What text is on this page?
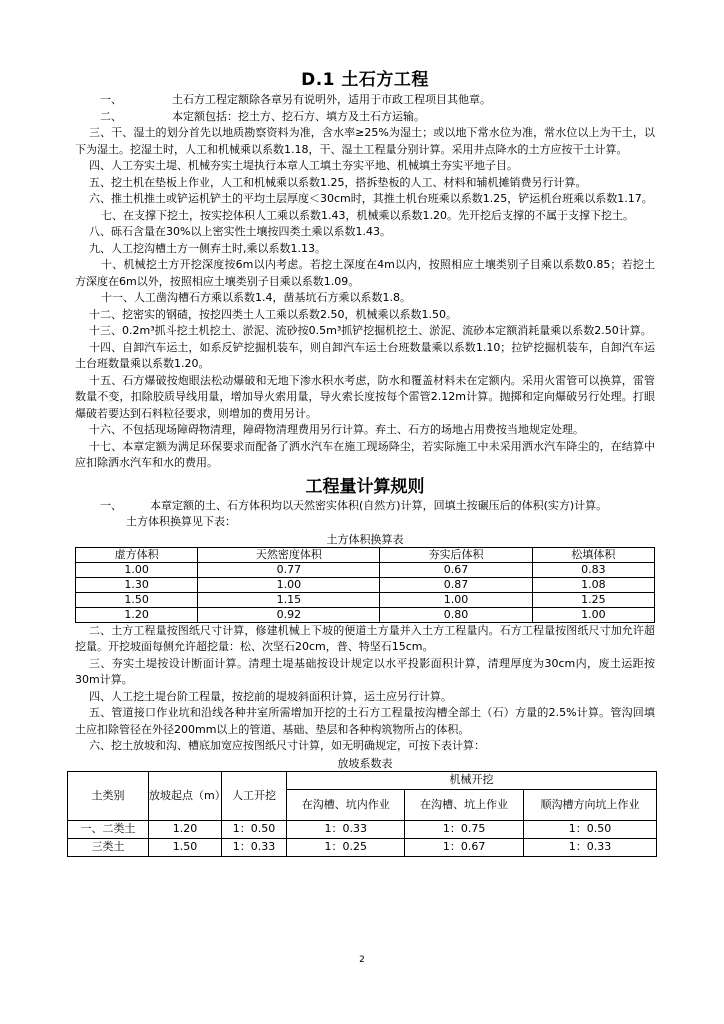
D.1 土石方工程

一、	土石方工程定额除各章另有说明外，适用于市政工程项目其他章。

二、	本定额包括：挖土方、挖石方、填方及土石方运输。

三、干、湿土的划分首先以地质勘察资料为准，含水率≥25%为湿土；或以地下常水位为准，常水位以上为干土，以下为湿土。挖湿土时，人工和机械乘以系数1.18，干、湿土工程量分别计算。采用井点降水的土方应按干土计算。

四、人工夯实土堤、机械夯实土堤执行本章人工填土夯实平地、机械填土夯实平地子目。

五、挖土机在垫板上作业，人工和机械乘以系数1.25，搭拆垫板的人工、材料和辅机摊销费另行计算。

六、推土机推土或铲运机铲土的平均土层厚度＜30cm时，其推土机台班乘以系数1.25，铲运机台班乘以系数1.17。

七、在支撑下挖土，按实挖体积人工乘以系数1.43，机械乘以系数1.20。先开挖后支撑的不属于支撑下挖土。

八、砾石含量在30%以上密实性土壤按四类土乘以系数1.43。

九、人工挖沟槽土方一侧弃土时,乘以系数1.13。

十、机械挖土方开挖深度按6m以内考虑。若挖土深度在4m以内，按照相应土壤类别子目乘以系数0.85；若挖土方深度在6m以外，按照相应土壤类别子目乘以系数1.09。

十一、人工凿沟槽石方乘以系数1.4，凿基坑石方乘以系数1.8。

十二、挖密实的钢碴，按挖四类土人工乘以系数2.50，机械乘以系数1.50。

十三、0.2m³抓斗挖土机挖土、淤泥、流砂按0.5m³抓铲挖掘机挖土、淤泥、流砂本定额消耗量乘以系数2.50计算。

十四、自卸汽车运土，如系反铲挖掘机装车，则自卸汽车运土台班数量乘以系数1.10；拉铲挖掘机装车，自卸汽车运土台班数量乘以系数1.20。

十五、石方爆破按炮眼法松动爆破和无地下渗水积水考虑，防水和覆盖材料未在定额内。采用火雷管可以换算，雷管数量不变，扣除胶质导线用量，增加导火索用量，导火索长度按每个雷管2.12m计算。抛掷和定向爆破另行处理。打眼爆破若要达到石料粒径要求，则增加的费用另计。

十六、不包括现场障碍物清理，障碍物清理费用另行计算。弃土、石方的场地占用费按当地规定处理。

十七、本章定额为满足环保要求而配备了洒水汽车在施工现场降尘，若实际施工中未采用洒水汽车降尘的，在结算中应扣除洒水汽车和水的费用。

工程量计算规则

一、	本章定额的土、石方体积均以天然密实体积(自然方)计算，回填土按碾压后的体积(实方)计算。

土方体积换算见下表：

土方体积换算表
虚方体积	天然密度体积	夯实后体积	松填体积
1.00	0.77	0.67	0.83
1.30	1.00	0.87	1.08
1.50	1.15	1.00	1.25
1.20	0.92	0.80	1.00

二、土方工程量按图纸尺寸计算，修建机械上下坡的便道土方量并入土方工程量内。石方工程量按图纸尺寸加允许超挖量。开挖坡面每侧允许超挖量：松、次坚石20cm，普、特坚石15cm。

三、夯实土堤按设计断面计算。清理土堤基础按设计规定以水平投影面积计算，清理厚度为30cm内，废土运距按30m计算。

四、人工挖土堤台阶工程量，按挖前的堤坡斜面积计算，运土应另行计算。

五、管道接口作业坑和沿线各种井室所需增加开挖的土石方工程量按沟槽全部土（石）方量的2.5%计算。管沟回填土应扣除管径在外径200mm以上的管道、基础、垫层和各种构筑物所占的体积。

六、挖土放坡和沟、槽底加宽应按图纸尺寸计算，如无明确规定，可按下表计算：

放坡系数表
土类别	放坡起点（m）	人工开挖	机械开挖		
			在沟槽、坑内作业	在沟槽、坑上作业	顺沟槽方向坑上作业
一、二类土	1.20	1：0.50	1：0.33	1：0.75	1：0.50
三类土	1.50	1：0.33	1：0.25	1：0.67	1：0.33
2
